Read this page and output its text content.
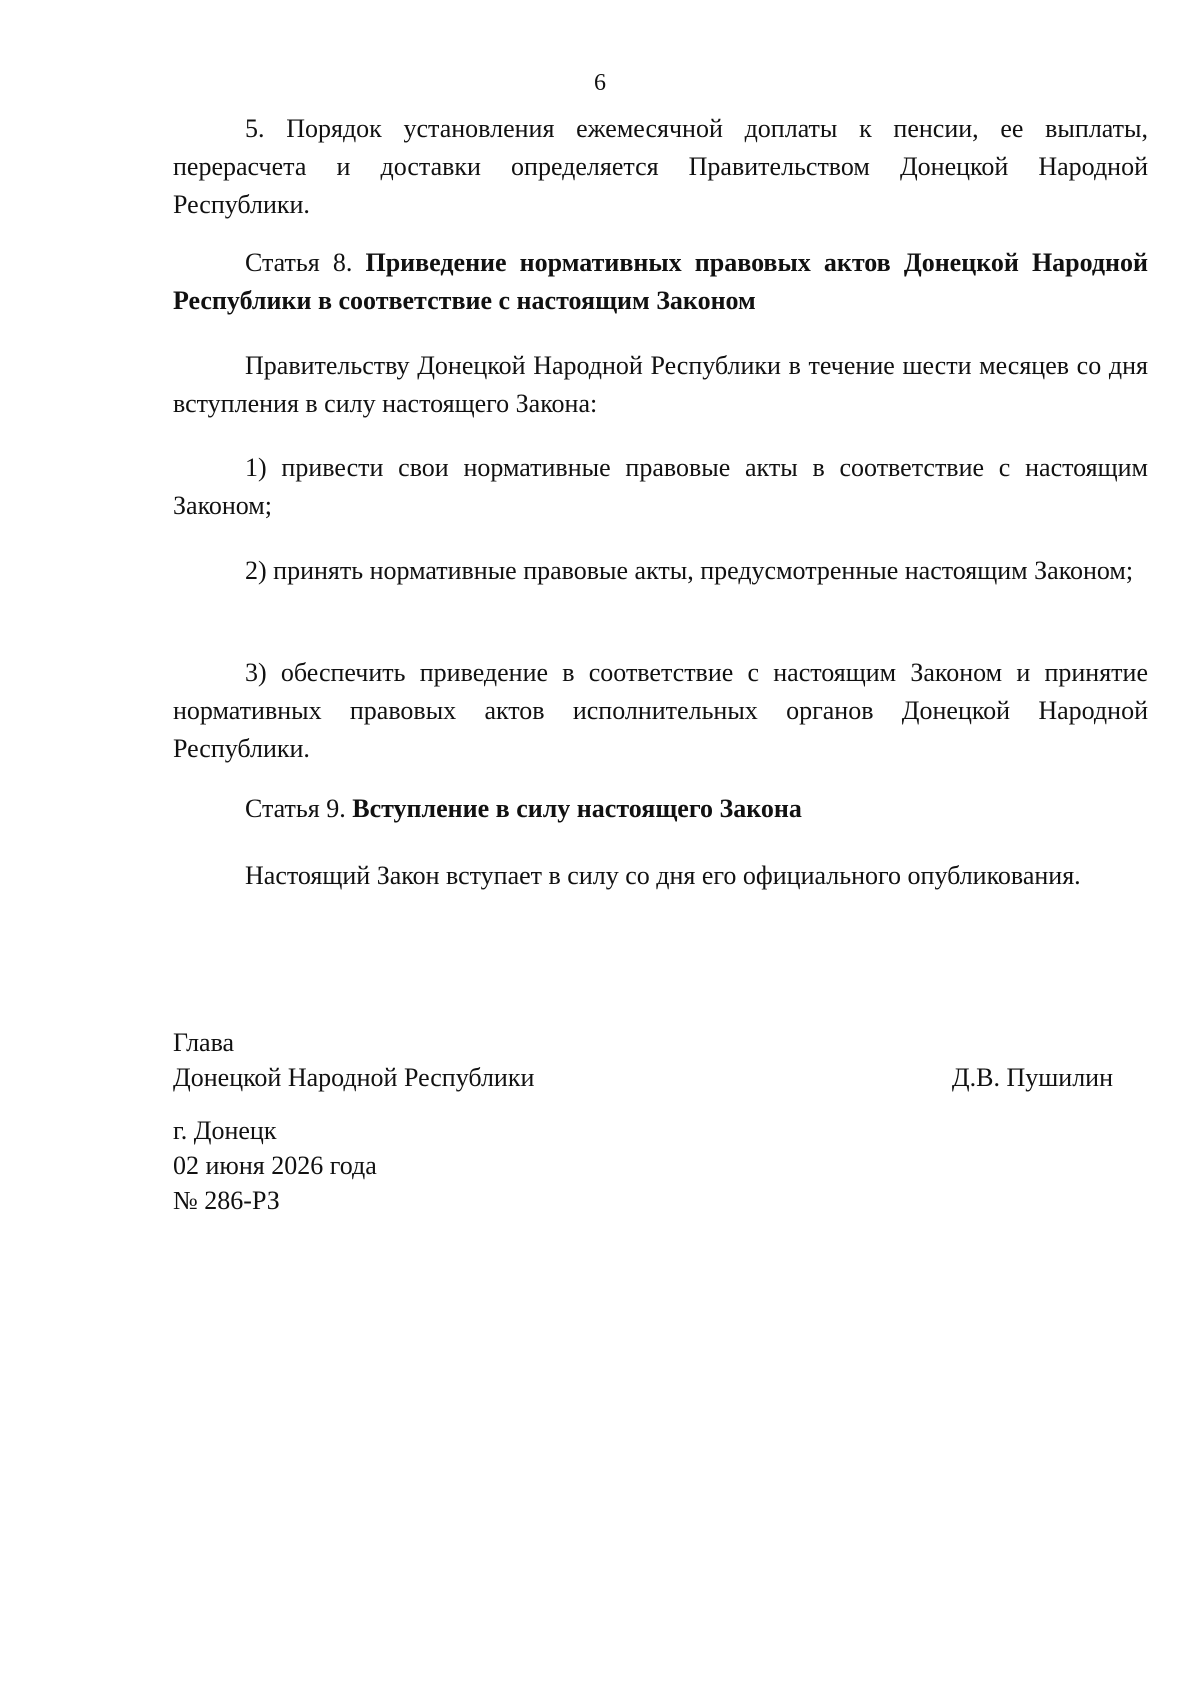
6

5. Порядок установления ежемесячной доплаты к пенсии, ее выплаты, перерасчета и доставки определяется Правительством Донецкой Народной Республики.

Статья 8. Приведение нормативных правовых актов Донецкой Народной Республики в соответствие с настоящим Законом

Правительству Донецкой Народной Республики в течение шести месяцев со дня вступления в силу настоящего Закона:

1) привести свои нормативные правовые акты в соответствие с настоящим Законом;

2) принять нормативные правовые акты, предусмотренные настоящим Законом;

3) обеспечить приведение в соответствие с настоящим Законом и принятие нормативных правовых актов исполнительных органов Донецкой Народной Республики.

Статья 9. Вступление в силу настоящего Закона

Настоящий Закон вступает в силу со дня его официального опубликования.

Глава
Донецкой Народной Республики	Д.В. Пушилин
г. Донецк
02 июня 2026 года
№ 286-РЗ
